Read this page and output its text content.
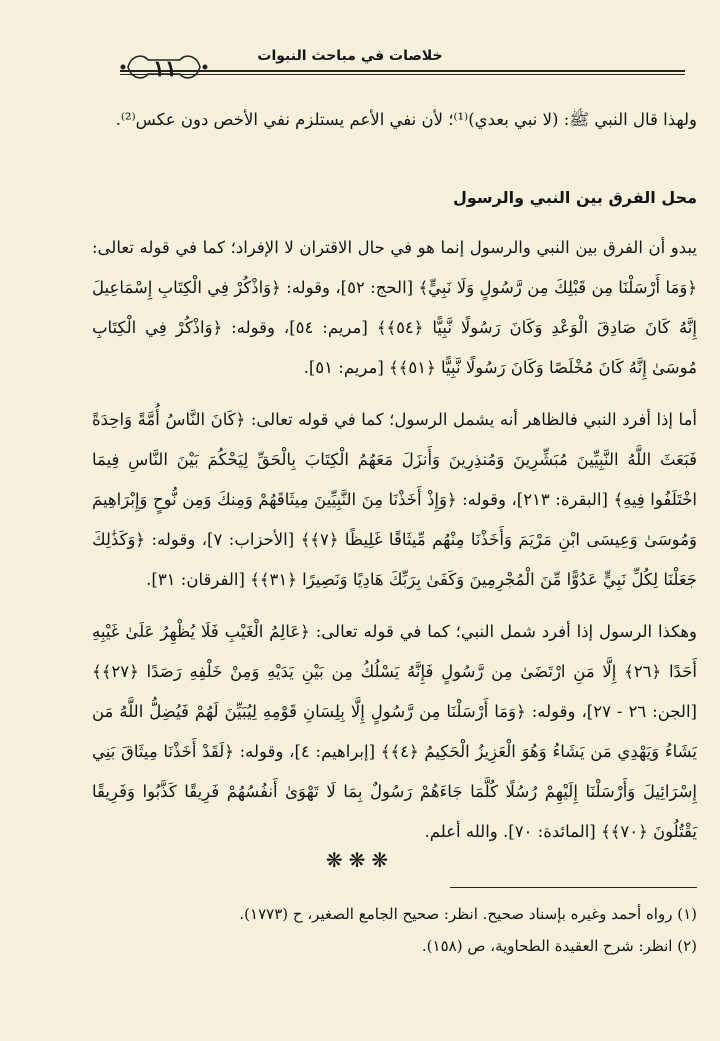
خلاصات في مباحث النبوات
١١

ولهذا قال النبي ﷺ: (لا نبي بعدي)⁽¹⁾؛ لأن نفي الأعم يستلزم نفي الأخص دون عكس⁽²⁾.

محل الفرق بين النبي والرسول

يبدو أن الفرق بين النبي والرسول إنما هو في حال الاقتران لا الإفراد؛ كما في قوله تعالى: ﴿وَمَا أَرْسَلْنَا مِن قَبْلِكَ مِن رَّسُولٍ وَلَا نَبِيٍّ﴾ [الحج: ٥٢]، وقوله: ﴿وَاذْكُرْ فِي الْكِتَابِ إِسْمَاعِيلَ إِنَّهُ كَانَ صَادِقَ الْوَعْدِ وَكَانَ رَسُولًا نَّبِيًّا ﴿٥٤﴾﴾ [مريم: ٥٤]، وقوله: ﴿وَاذْكُرْ فِي الْكِتَابِ مُوسَىٰ إِنَّهُ كَانَ مُخْلَصًا وَكَانَ رَسُولًا نَّبِيًّا ﴿٥١﴾﴾ [مريم: ٥١].

أما إذا أفرد النبي فالظاهر أنه يشمل الرسول؛ كما في قوله تعالى: ﴿كَانَ النَّاسُ أُمَّةً وَاحِدَةً فَبَعَثَ اللَّهُ النَّبِيِّينَ مُبَشِّرِينَ وَمُنذِرِينَ وَأَنزَلَ مَعَهُمُ الْكِتَابَ بِالْحَقِّ لِيَحْكُمَ بَيْنَ النَّاسِ فِيمَا اخْتَلَفُوا فِيهِ﴾ [البقرة: ٢١٣]، وقوله: ﴿وَإِذْ أَخَذْنَا مِنَ النَّبِيِّينَ مِيثَاقَهُمْ وَمِنكَ وَمِن نُّوحٍ وَإِبْرَاهِيمَ وَمُوسَىٰ وَعِيسَى ابْنِ مَرْيَمَ وَأَخَذْنَا مِنْهُم مِّيثَاقًا غَلِيظًا ﴿٧﴾﴾ [الأحزاب: ٧]، وقوله: ﴿وَكَذَٰلِكَ جَعَلْنَا لِكُلِّ نَبِيٍّ عَدُوًّا مِّنَ الْمُجْرِمِينَ وَكَفَىٰ بِرَبِّكَ هَادِيًا وَنَصِيرًا ﴿٣١﴾﴾ [الفرقان: ٣١].

وهكذا الرسول إذا أفرد شمل النبي؛ كما في قوله تعالى: ﴿عَالِمُ الْغَيْبِ فَلَا يُظْهِرُ عَلَىٰ غَيْبِهِ أَحَدًا ﴿٢٦﴾ إِلَّا مَنِ ارْتَضَىٰ مِن رَّسُولٍ فَإِنَّهُ يَسْلُكُ مِن بَيْنِ يَدَيْهِ وَمِنْ خَلْفِهِ رَصَدًا ﴿٢٧﴾﴾ [الجن: ٢٦ - ٢٧]، وقوله: ﴿وَمَا أَرْسَلْنَا مِن رَّسُولٍ إِلَّا بِلِسَانِ قَوْمِهِ لِيُبَيِّنَ لَهُمْ فَيُضِلُّ اللَّهُ مَن يَشَاءُ وَيَهْدِي مَن يَشَاءُ وَهُوَ الْعَزِيزُ الْحَكِيمُ ﴿٤﴾﴾ [إبراهيم: ٤]، وقوله: ﴿لَقَدْ أَخَذْنَا مِيثَاقَ بَنِي إِسْرَائِيلَ وَأَرْسَلْنَا إِلَيْهِمْ رُسُلًا كُلَّمَا جَاءَهُمْ رَسُولٌ بِمَا لَا تَهْوَىٰ أَنفُسُهُمْ فَرِيقًا كَذَّبُوا وَفَرِيقًا يَقْتُلُونَ ﴿٧٠﴾﴾ [المائدة: ٧٠]. والله أعلم.

❋❋❋
(١) رواه أحمد وغيره بإسناد صحيح. انظر: صحيح الجامع الصغير، ح (١٧٧٣).
(٢) انظر: شرح العقيدة الطحاوية، ص (١٥٨).
